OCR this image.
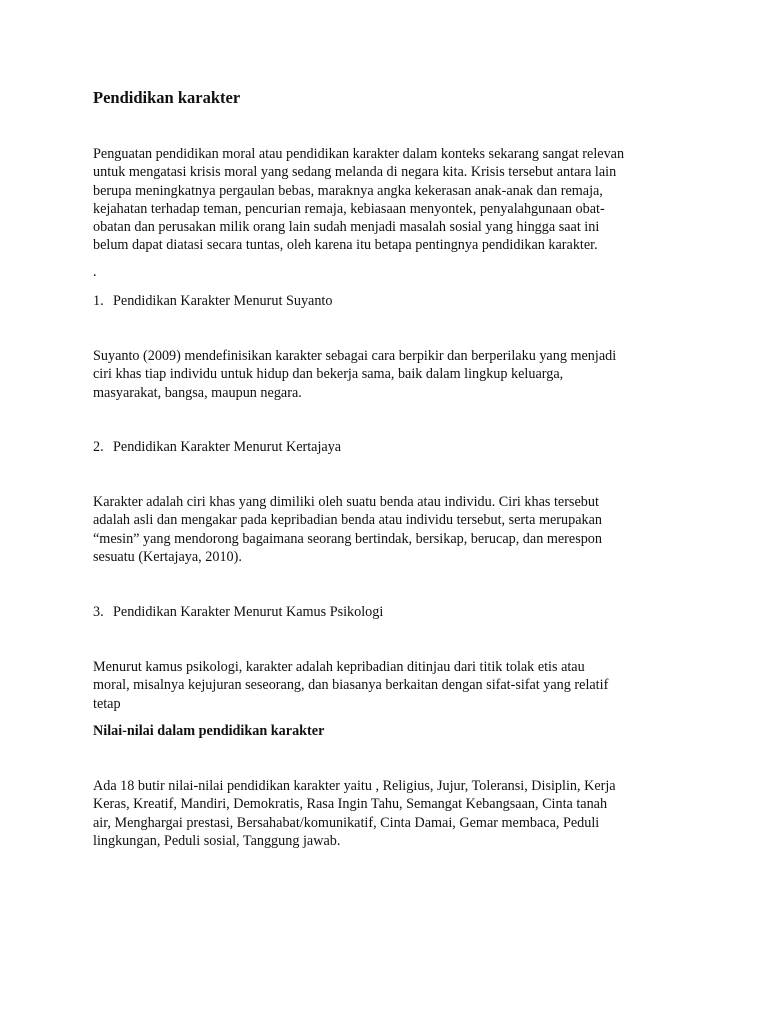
Pendidikan karakter

Penguatan pendidikan moral atau pendidikan karakter dalam konteks sekarang sangat relevan
untuk mengatasi krisis moral yang sedang melanda di negara kita. Krisis tersebut antara lain
berupa meningkatnya pergaulan bebas, maraknya angka kekerasan anak-anak dan remaja,
kejahatan terhadap teman, pencurian remaja, kebiasaan menyontek, penyalahgunaan obat-
obatan dan perusakan milik orang lain sudah menjadi masalah sosial yang hingga saat ini
belum dapat diatasi secara tuntas, oleh karena itu betapa pentingnya pendidikan karakter.

.

1. Pendidikan Karakter Menurut Suyanto

Suyanto (2009) mendefinisikan karakter sebagai cara berpikir dan berperilaku yang menjadi
ciri khas tiap individu untuk hidup dan bekerja sama, baik dalam lingkup keluarga,
masyarakat, bangsa, maupun negara.

2. Pendidikan Karakter Menurut Kertajaya

Karakter adalah ciri khas yang dimiliki oleh suatu benda atau individu. Ciri khas tersebut
adalah asli dan mengakar pada kepribadian benda atau individu tersebut, serta merupakan
“mesin” yang mendorong bagaimana seorang bertindak, bersikap, berucap, dan merespon
sesuatu (Kertajaya, 2010).

3. Pendidikan Karakter Menurut Kamus Psikologi

Menurut kamus psikologi, karakter adalah kepribadian ditinjau dari titik tolak etis atau
moral, misalnya kejujuran seseorang, dan biasanya berkaitan dengan sifat-sifat yang relatif
tetap

Nilai-nilai dalam pendidikan karakter

Ada 18 butir nilai-nilai pendidikan karakter yaitu , Religius, Jujur, Toleransi, Disiplin, Kerja
Keras, Kreatif, Mandiri, Demokratis, Rasa Ingin Tahu, Semangat Kebangsaan, Cinta tanah
air, Menghargai prestasi, Bersahabat/komunikatif, Cinta Damai, Gemar membaca, Peduli
lingkungan, Peduli sosial, Tanggung jawab.
